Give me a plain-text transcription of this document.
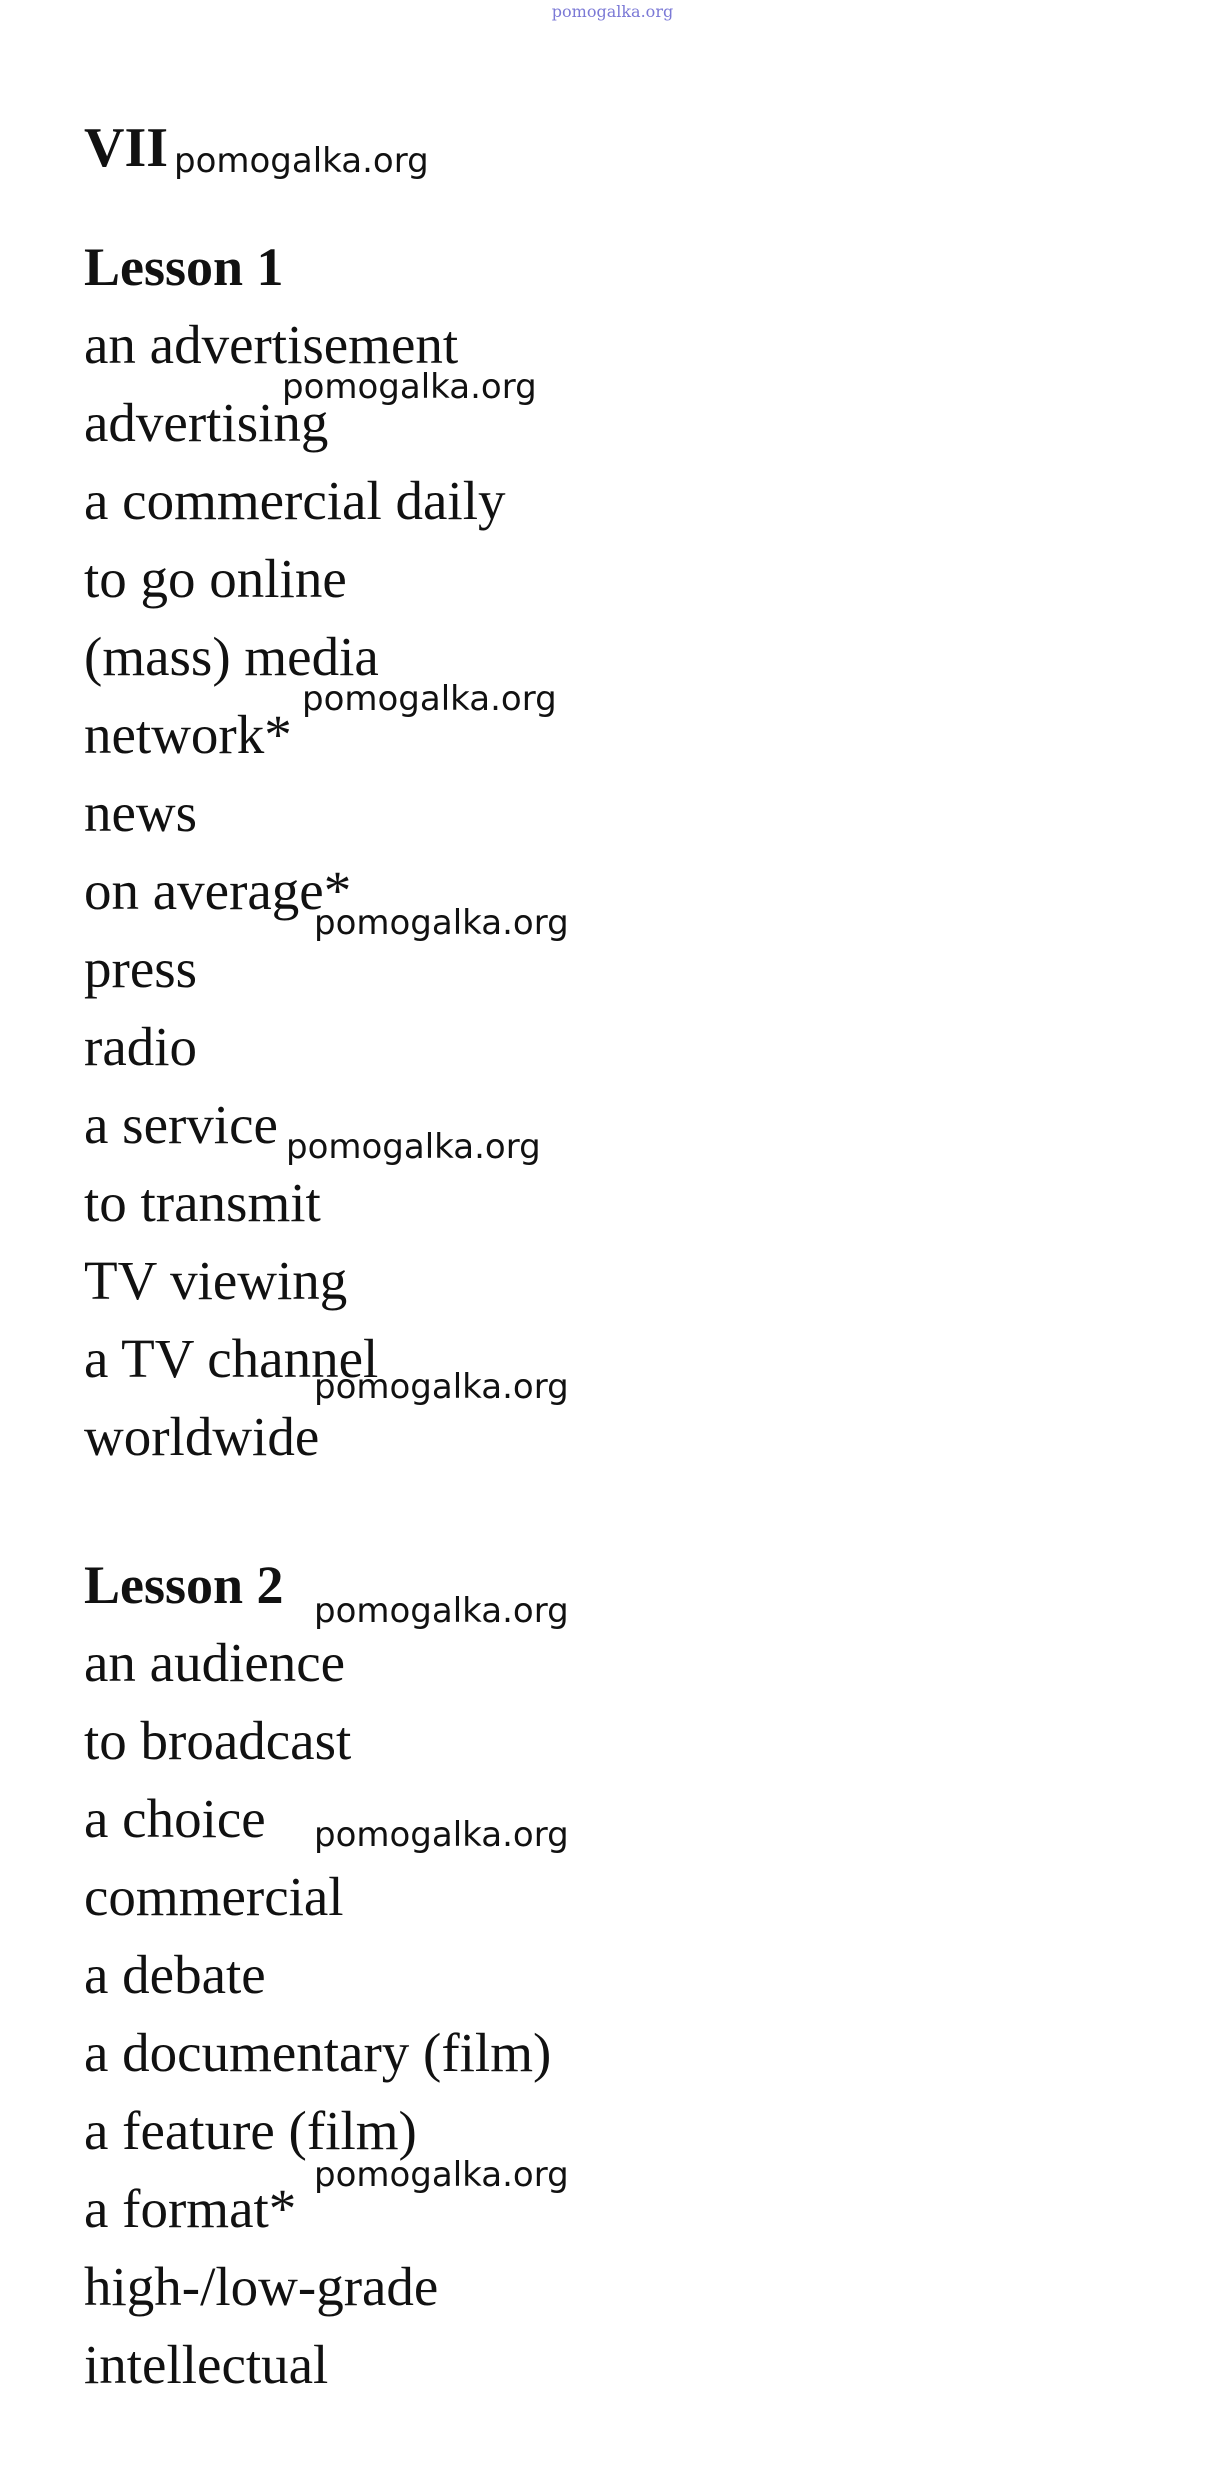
pomogalka.org

VII
Lesson 1
an advertisement
advertising
a commercial daily
to go online
(mass) media
network*
news
on average*
press
radio
a service
to transmit
TV viewing
a TV channel
worldwide
Lesson 2
an audience
to broadcast
a choice
commercial
a debate
a documentary (film)
a feature (film)
a format*
high-/low-grade
intellectual
pomogalka.org
pomogalka.org
pomogalka.org
pomogalka.org
pomogalka.org
pomogalka.org
pomogalka.org
pomogalka.org
pomogalka.org
